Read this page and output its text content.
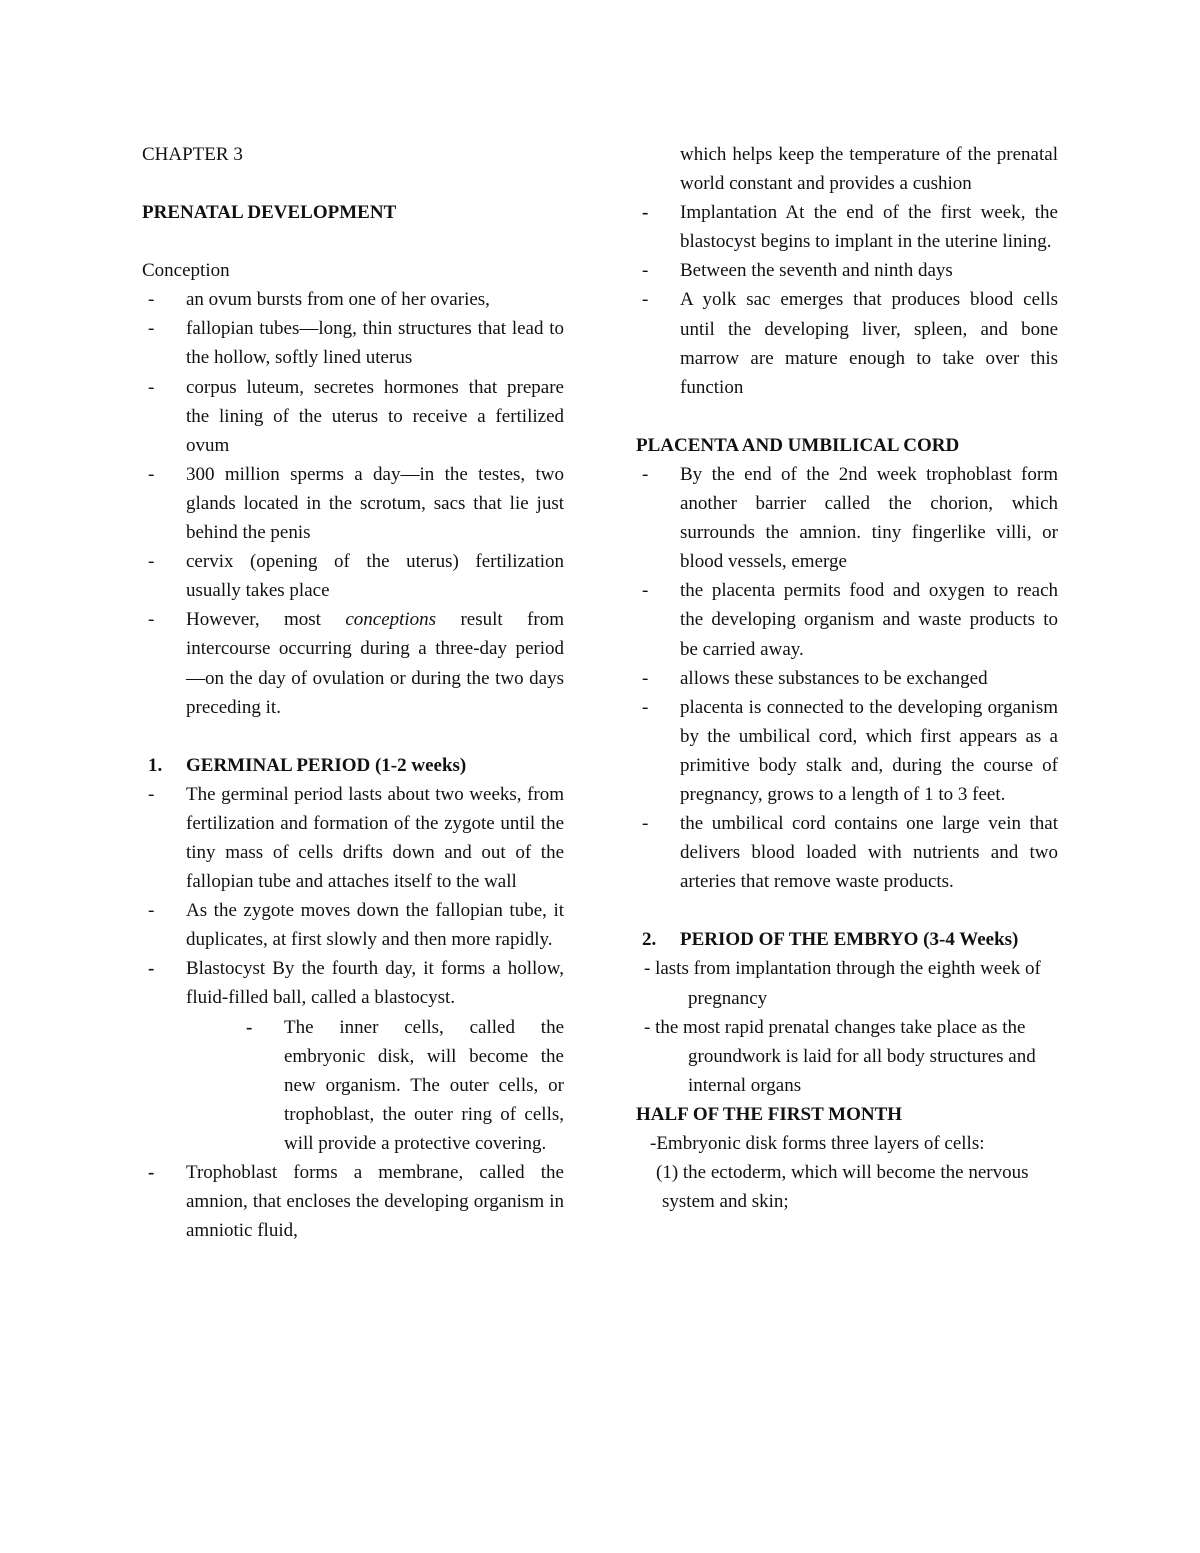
CHAPTER 3

PRENATAL DEVELOPMENT

Conception

- an ovum bursts from one of her ovaries,

- fallopian tubes—long, thin structures that lead to the hollow, softly lined uterus

- corpus luteum, secretes hormones that prepare the lining of the uterus to receive a fertilized ovum

- 300 million sperms a day—in the testes, two glands located in the scrotum, sacs that lie just behind the penis

- cervix (opening of the uterus) fertilization usually takes place

- However, most conceptions result from intercourse occurring during a three-day period—on the day of ovulation or during the two days preceding it.

1. GERMINAL PERIOD (1-2 weeks)

- The germinal period lasts about two weeks, from fertilization and formation of the zygote until the tiny mass of cells drifts down and out of the fallopian tube and attaches itself to the wall

- As the zygote moves down the fallopian tube, it duplicates, at first slowly and then more rapidly.

- Blastocyst By the fourth day, it forms a hollow, fluid-filled ball, called a blastocyst.

- The inner cells, called the embryonic disk, will become the new organism. The outer cells, or trophoblast, the outer ring of cells, will provide a protective covering.

- Trophoblast forms a membrane, called the amnion, that encloses the developing organism in amniotic fluid,

which helps keep the temperature of the prenatal world constant and provides a cushion

- Implantation At the end of the first week, the blastocyst begins to implant in the uterine lining.

- Between the seventh and ninth days

- A yolk sac emerges that produces blood cells until the developing liver, spleen, and bone marrow are mature enough to take over this function

PLACENTA AND UMBILICAL CORD

- By the end of the 2nd week trophoblast form another barrier called the chorion, which surrounds the amnion. tiny fingerlike villi, or blood vessels, emerge

- the placenta permits food and oxygen to reach the developing organism and waste products to be carried away.

- allows these substances to be exchanged

- placenta is connected to the developing organism by the umbilical cord, which first appears as a primitive body stalk and, during the course of pregnancy, grows to a length of 1 to 3 feet.

- the umbilical cord contains one large vein that delivers blood loaded with nutrients and two arteries that remove waste products.

2. PERIOD OF THE EMBRYO (3-4 Weeks)

- lasts from implantation through the eighth week of pregnancy

- the most rapid prenatal changes take place as the groundwork is laid for all body structures and internal organs

HALF OF THE FIRST MONTH

-Embryonic disk forms three layers of cells:

(1) the ectoderm, which will become the nervous system and skin;
